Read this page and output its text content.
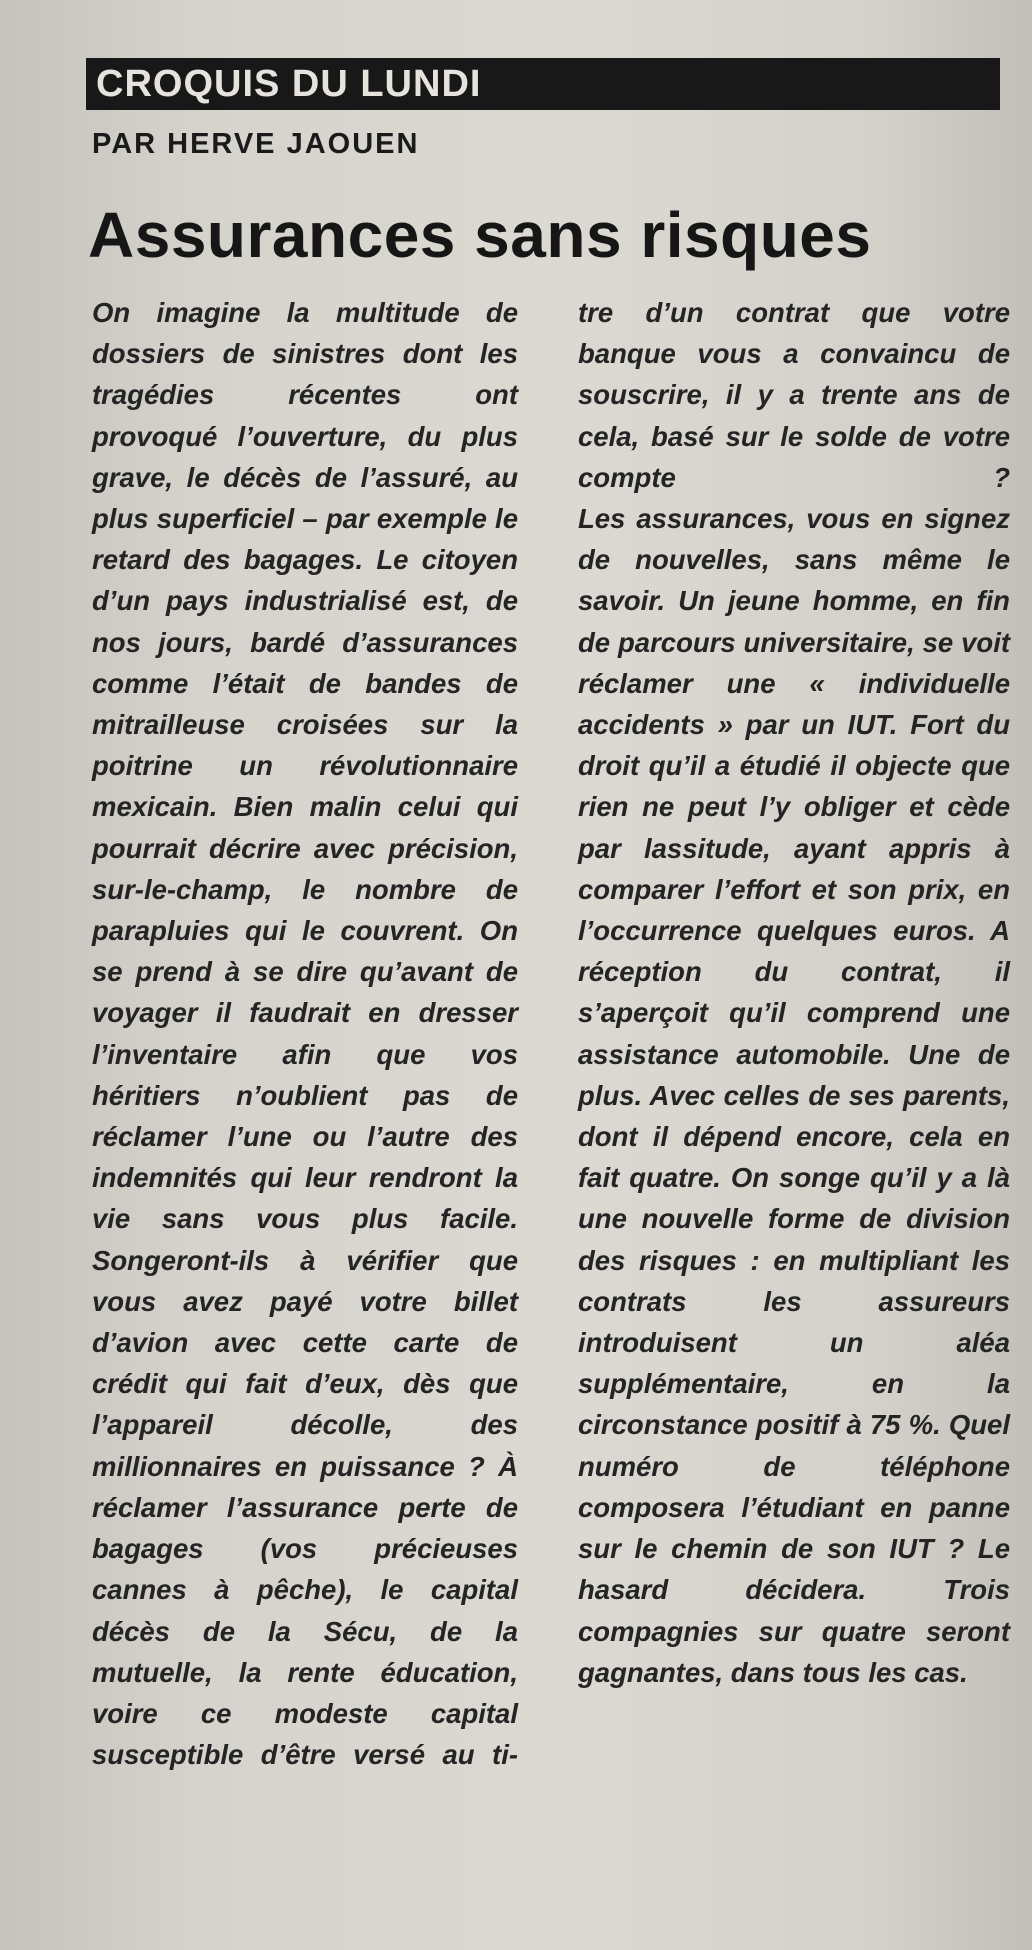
CROQUIS DU LUNDI
PAR HERVE JAOUEN
Assurances sans risques

On imagine la multitude de dossiers de sinistres dont les tragédies récentes ont provoqué l’ouverture, du plus grave, le décès de l’assuré, au plus superficiel – par exemple le retard des bagages. Le citoyen d’un pays industrialisé est, de nos jours, bardé d’assurances comme l’était de bandes de mitrailleuse croisées sur la poitrine un révolutionnaire mexicain. Bien malin celui qui pourrait décrire avec précision, sur-le-champ, le nombre de parapluies qui le couvrent. On se prend à se dire qu’avant de voyager il faudrait en dresser l’inventaire afin que vos héritiers n’oublient pas de réclamer l’une ou l’autre des indemnités qui leur rendront la vie sans vous plus facile. Songeront-ils à vérifier que vous avez payé votre billet d’avion avec cette carte de crédit qui fait d’eux, dès que l’appareil décolle, des millionnaires en puissance ? À réclamer l’assurance perte de bagages (vos précieuses cannes à pêche), le capital décès de la Sécu, de la mutuelle, la rente éducation, voire ce modeste capital susceptible d’être versé au ti-

tre d’un contrat que votre banque vous a convaincu de souscrire, il y a trente ans de cela, basé sur le solde de votre compte ?

Les assurances, vous en signez de nouvelles, sans même le savoir. Un jeune homme, en fin de parcours universitaire, se voit réclamer une « individuelle accidents » par un IUT. Fort du droit qu’il a étudié il objecte que rien ne peut l’y obliger et cède par lassitude, ayant appris à comparer l’effort et son prix, en l’occurrence quelques euros. A réception du contrat, il s’aperçoit qu’il comprend une assistance automobile. Une de plus. Avec celles de ses parents, dont il dépend encore, cela en fait quatre. On songe qu’il y a là une nouvelle forme de division des risques : en multipliant les contrats les assureurs introduisent un aléa supplémentaire, en la circonstance positif à 75 %. Quel numéro de téléphone composera l’étudiant en panne sur le chemin de son IUT ? Le hasard décidera. Trois compagnies sur quatre seront gagnantes, dans tous les cas.
